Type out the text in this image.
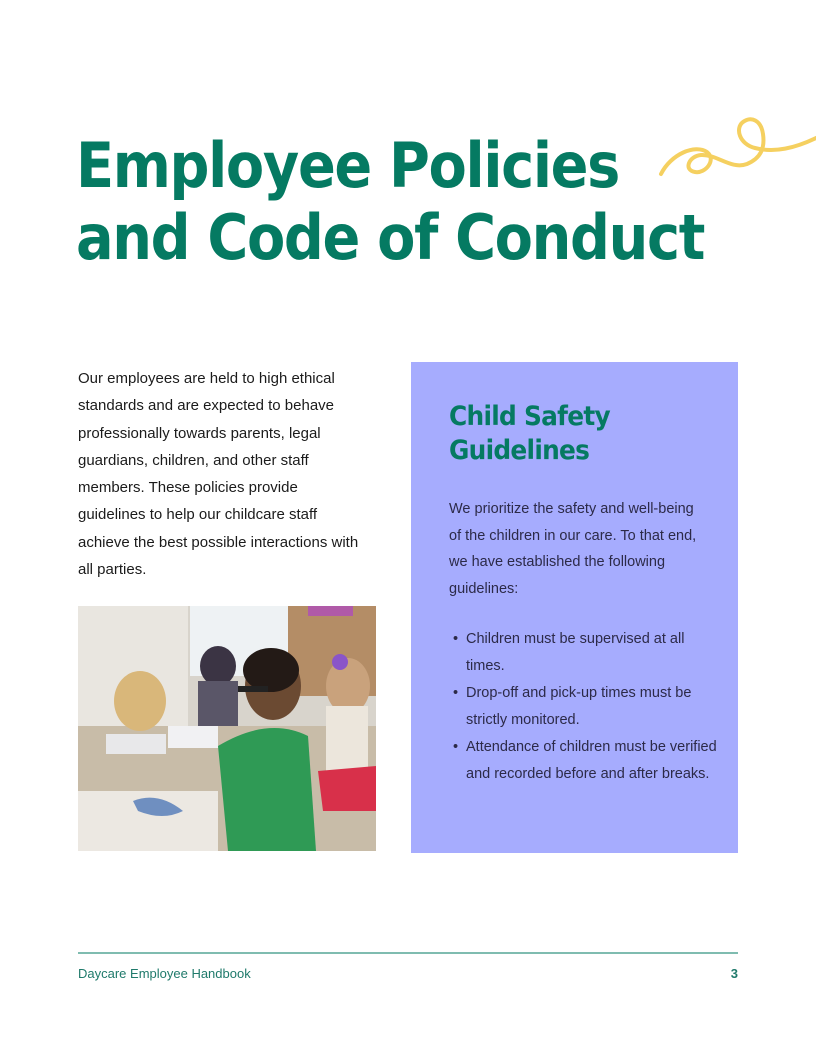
Employee Policies
and Code of Conduct

Our employees are held to high ethical standards and are expected to behave professionally towards parents, legal guardians, children, and other staff members. These policies provide guidelines to help our childcare staff achieve the best possible interactions with all parties.

Child Safety Guidelines

We prioritize the safety and well-being of the children in our care. To that end, we have established the following guidelines:

• Children must be supervised at all times.
• Drop-off and pick-up times must be strictly monitored.
• Attendance of children must be verified and recorded before and after breaks.
Daycare Employee Handbook	3
